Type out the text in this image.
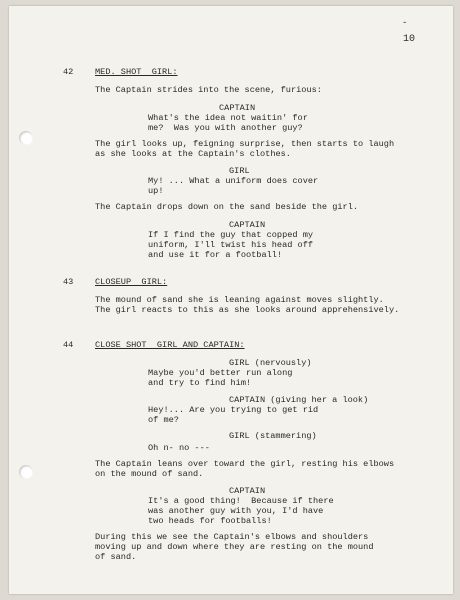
-
10
42	MED. SHOT  GIRL:
The Captain strides into the scene, furious:
CAPTAIN
What's the idea not waitin' for
me?  Was you with another guy?
The girl looks up, feigning surprise, then starts to laugh
as she looks at the Captain's clothes.
GIRL
My! ... What a uniform does cover
up!
The Captain drops down on the sand beside the girl.
CAPTAIN
If I find the guy that copped my
uniform, I'll twist his head off
and use it for a football!
43	CLOSEUP  GIRL:
The mound of sand she is leaning against moves slightly.
The girl reacts to this as she looks around apprehensively.
44	CLOSE SHOT  GIRL AND CAPTAIN:
GIRL (nervously)
Maybe you'd better run along
and try to find him!
CAPTAIN (giving her a look)
Hey!... Are you trying to get rid
of me?
GIRL (stammering)
Oh n- no ---
The Captain leans over toward the girl, resting his elbows
on the mound of sand.
CAPTAIN
It's a good thing!  Because if there
was another guy with you, I'd have
two heads for footballs!
During this we see the Captain's elbows and shoulders
moving up and down where they are resting on the mound
of sand.
